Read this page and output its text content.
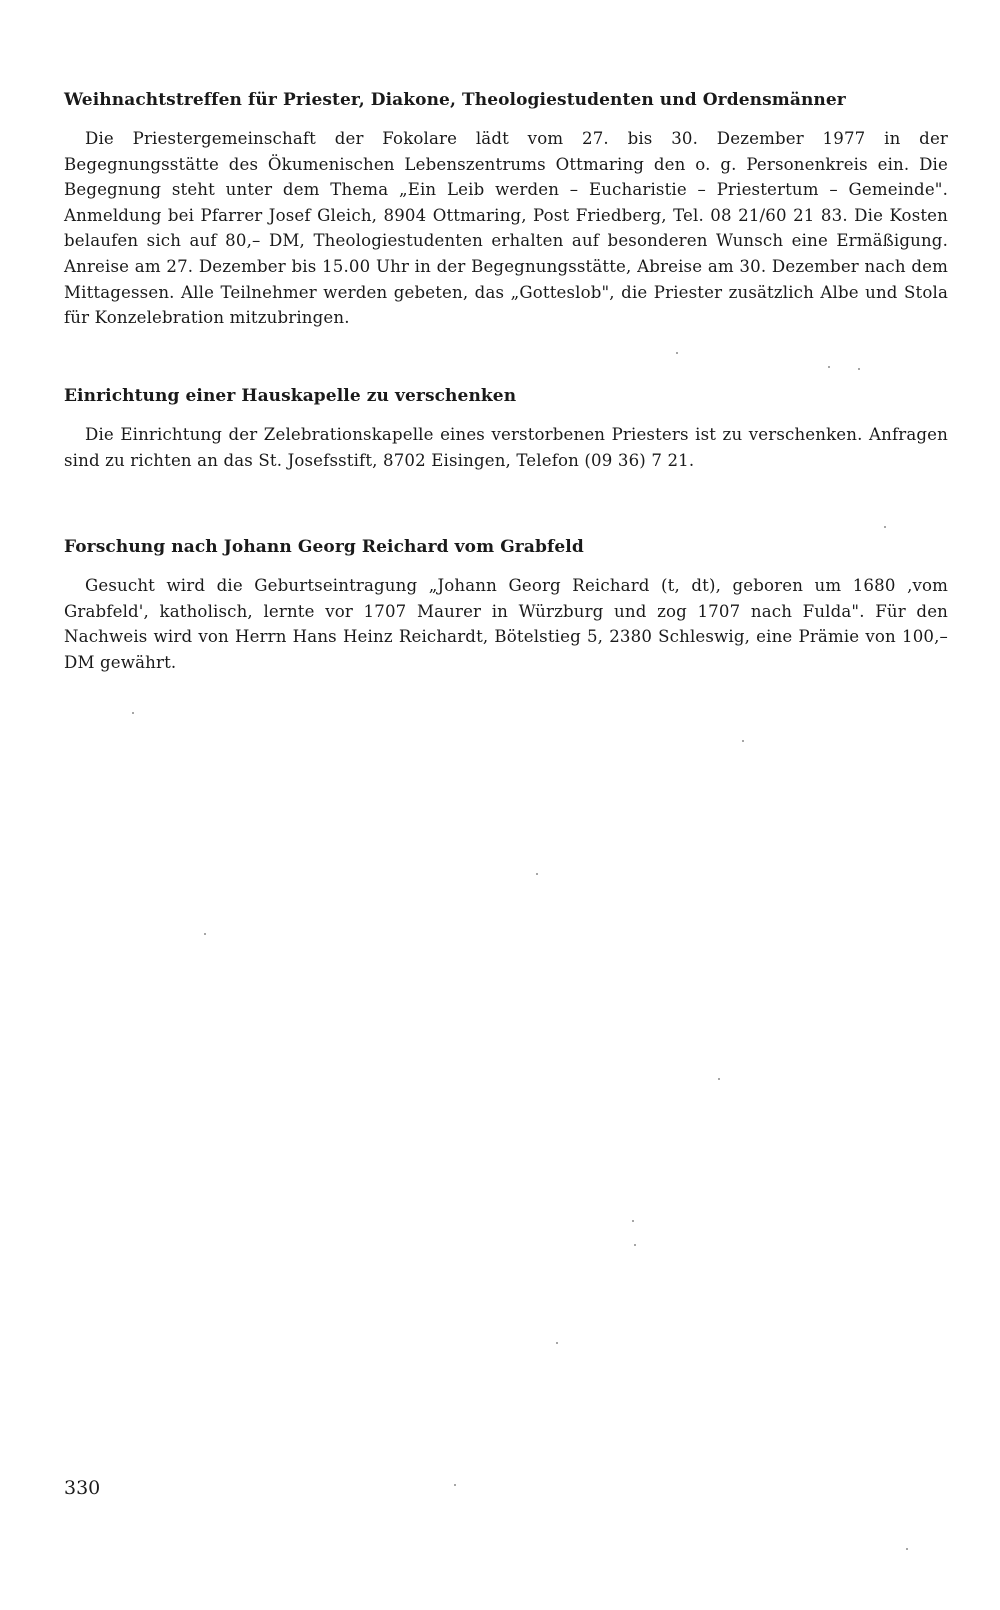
Weihnachtstreffen für Priester, Diakone, Theologiestudenten und Ordensmänner

Die Priestergemeinschaft der Fokolare lädt vom 27. bis 30. Dezember 1977 in der Begegnungsstätte des Ökumenischen Lebenszentrums Ottmaring den o. g. Personenkreis ein. Die Begegnung steht unter dem Thema „Ein Leib werden – Eucharistie – Priestertum – Gemeinde". Anmeldung bei Pfarrer Josef Gleich, 8904 Ottmaring, Post Friedberg, Tel. 08 21/60 21 83. Die Kosten belaufen sich auf 80,– DM, Theologiestudenten erhalten auf besonderen Wunsch eine Ermäßigung. Anreise am 27. Dezember bis 15.00 Uhr in der Begegnungsstätte, Abreise am 30. Dezember nach dem Mittagessen. Alle Teilnehmer werden gebeten, das „Gotteslob", die Priester zusätzlich Albe und Stola für Konzelebration mitzubringen.

Einrichtung einer Hauskapelle zu verschenken

Die Einrichtung der Zelebrationskapelle eines verstorbenen Priesters ist zu verschenken. Anfragen sind zu richten an das St. Josefsstift, 8702 Eisingen, Telefon (09 36) 7 21.

Forschung nach Johann Georg Reichard vom Grabfeld

Gesucht wird die Geburtseintragung „Johann Georg Reichard (t, dt), geboren um 1680 ‚vom Grabfeld', katholisch, lernte vor 1707 Maurer in Würzburg und zog 1707 nach Fulda". Für den Nachweis wird von Herrn Hans Heinz Reichardt, Bötelstieg 5, 2380 Schleswig, eine Prämie von 100,– DM gewährt.

330
